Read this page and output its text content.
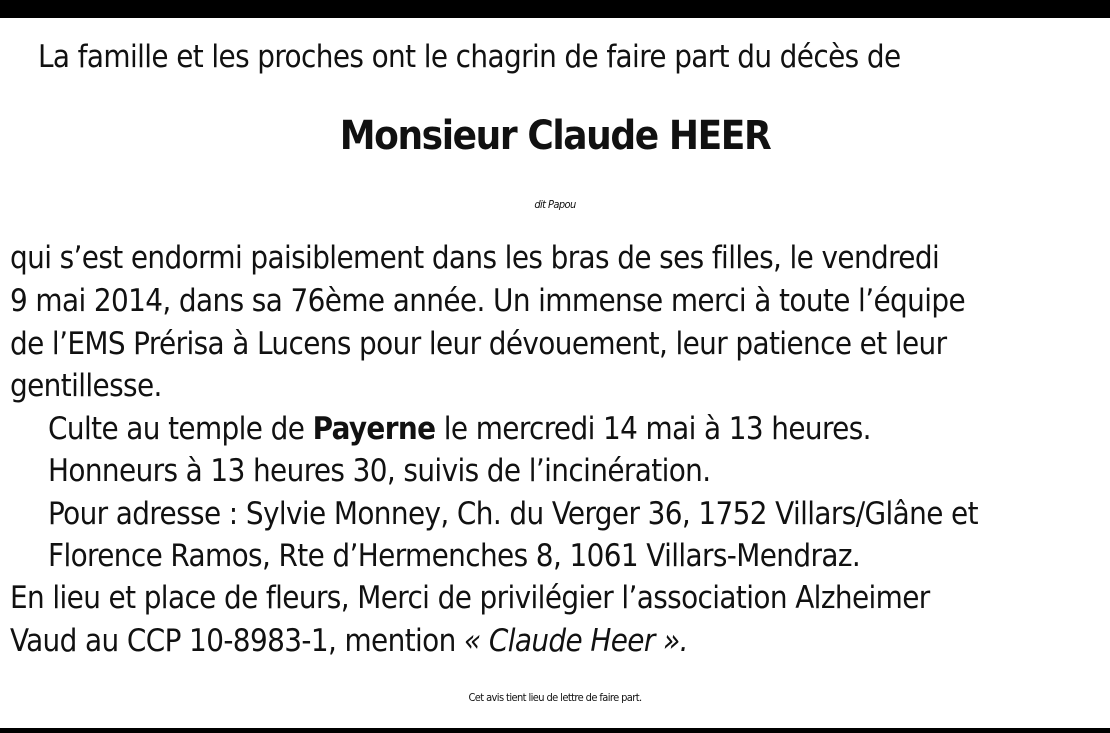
La famille et les proches ont le chagrin de faire part du décès de
Monsieur Claude HEER
dit Papou
qui s’est endormi paisiblement dans les bras de ses filles, le vendredi
9 mai 2014, dans sa 76ème année. Un immense merci à toute l’équipe
de l’EMS Prérisa à Lucens pour leur dévouement, leur patience et leur
gentillesse.
Culte au temple de Payerne le mercredi 14 mai à 13 heures.
Honneurs à 13 heures 30, suivis de l’incinération.
Pour adresse : Sylvie Monney, Ch. du Verger 36, 1752 Villars/Glâne et
Florence Ramos, Rte d’Hermenches 8, 1061 Villars-Mendraz.
En lieu et place de fleurs, Merci de privilégier l’association Alzheimer
Vaud au CCP 10-8983-1, mention « Claude Heer ».
Cet avis tient lieu de lettre de faire part.
